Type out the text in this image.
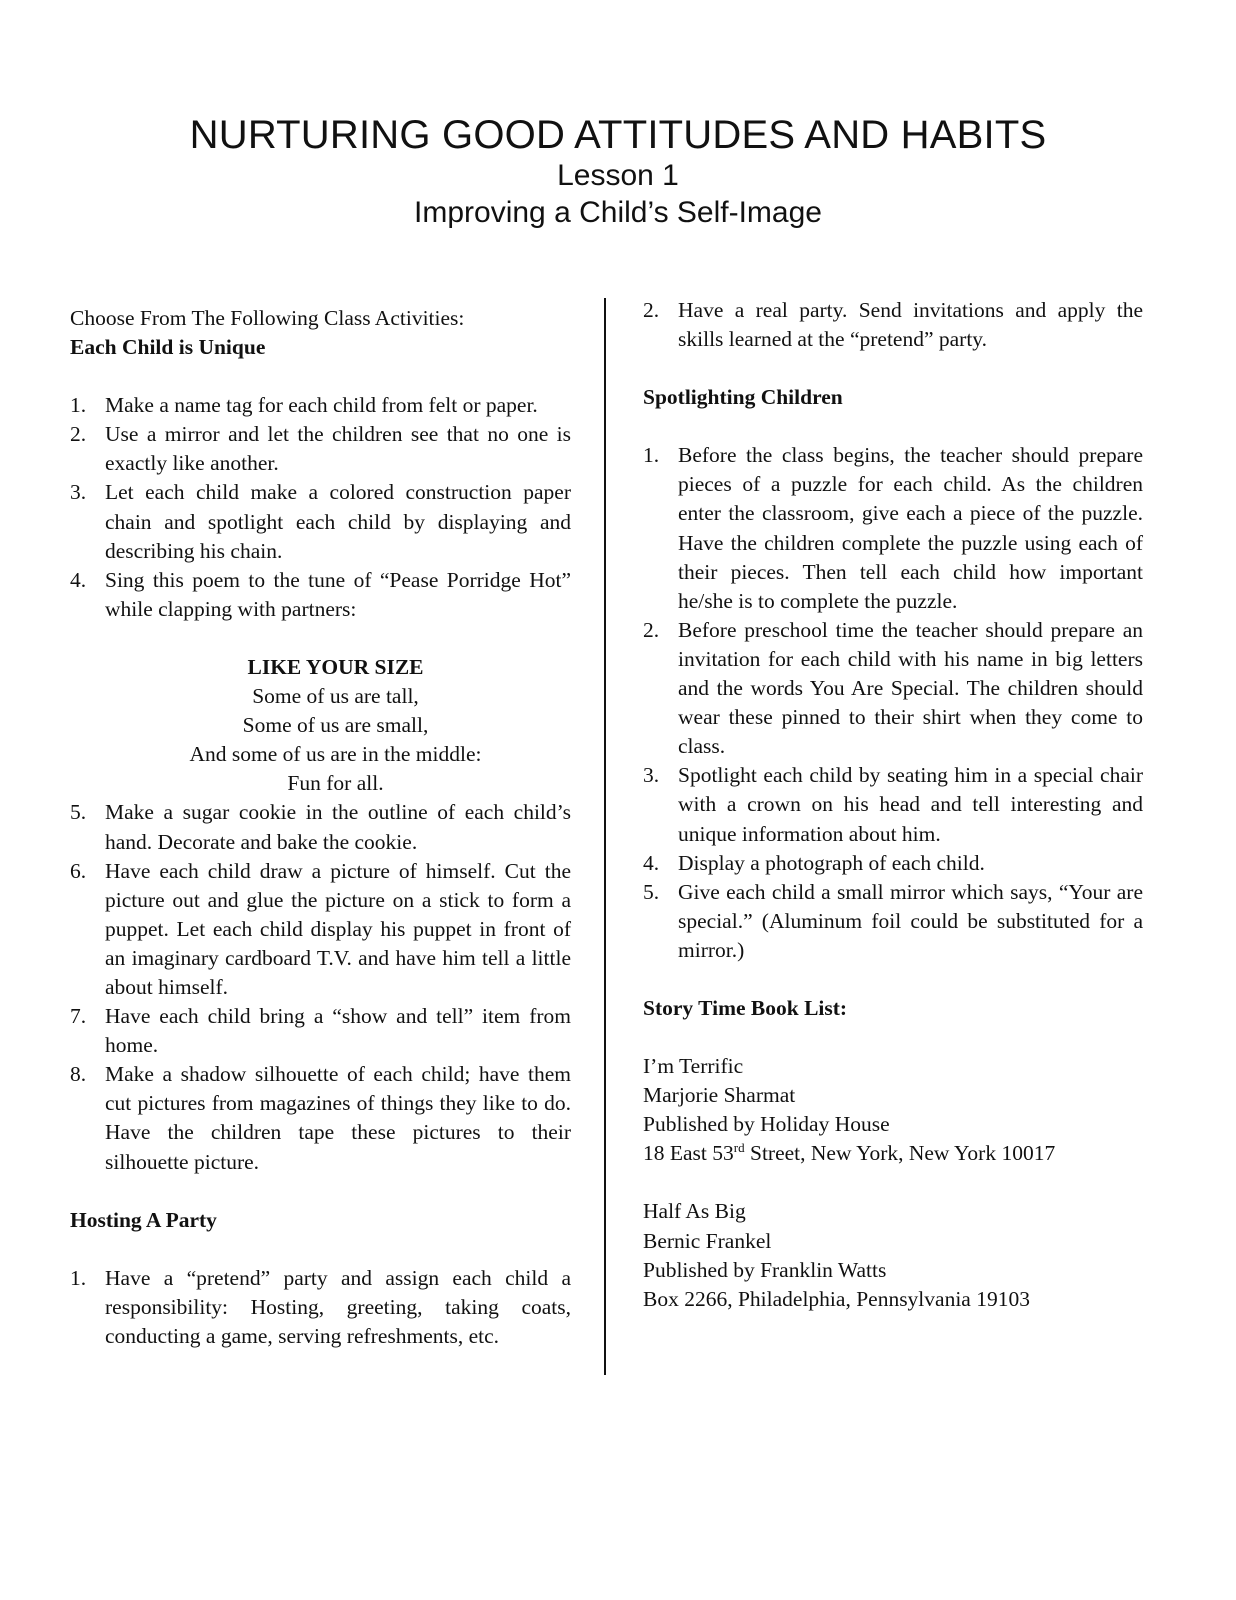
NURTURING GOOD ATTITUDES AND HABITS
Lesson 1
Improving a Child’s Self-Image
Choose From The Following Class Activities:
Each Child is Unique
1. Make a name tag for each child from felt or paper.
2. Use a mirror and let the children see that no one is exactly like another.
3. Let each child make a colored construction paper chain and spotlight each child by displaying and describing his chain.
4. Sing this poem to the tune of “Pease Porridge Hot” while clapping with partners:
LIKE YOUR SIZE
Some of us are tall,
Some of us are small,
And some of us are in the middle:
Fun for all.
5. Make a sugar cookie in the outline of each child’s hand. Decorate and bake the cookie.
6. Have each child draw a picture of himself. Cut the picture out and glue the picture on a stick to form a puppet. Let each child display his puppet in front of an imaginary cardboard T.V. and have him tell a little about himself.
7. Have each child bring a “show and tell” item from home.
8. Make a shadow silhouette of each child; have them cut pictures from magazines of things they like to do. Have the children tape these pictures to their silhouette picture.
Hosting A Party
1. Have a “pretend” party and assign each child a responsibility: Hosting, greeting, taking coats, conducting a game, serving refreshments, etc.
2. Have a real party. Send invitations and apply the skills learned at the “pretend” party.
Spotlighting Children
1. Before the class begins, the teacher should prepare pieces of a puzzle for each child. As the children enter the classroom, give each a piece of the puzzle. Have the children complete the puzzle using each of their pieces. Then tell each child how important he/she is to complete the puzzle.
2. Before preschool time the teacher should prepare an invitation for each child with his name in big letters and the words You Are Special. The children should wear these pinned to their shirt when they come to class.
3. Spotlight each child by seating him in a special chair with a crown on his head and tell interesting and unique information about him.
4. Display a photograph of each child.
5. Give each child a small mirror which says, “Your are special.” (Aluminum foil could be substituted for a mirror.)
Story Time Book List:
I’m Terrific
Marjorie Sharmat
Published by Holiday House
18 East 53rd Street, New York, New York 10017
Half As Big
Bernic Frankel
Published by Franklin Watts
Box 2266, Philadelphia, Pennsylvania 19103
